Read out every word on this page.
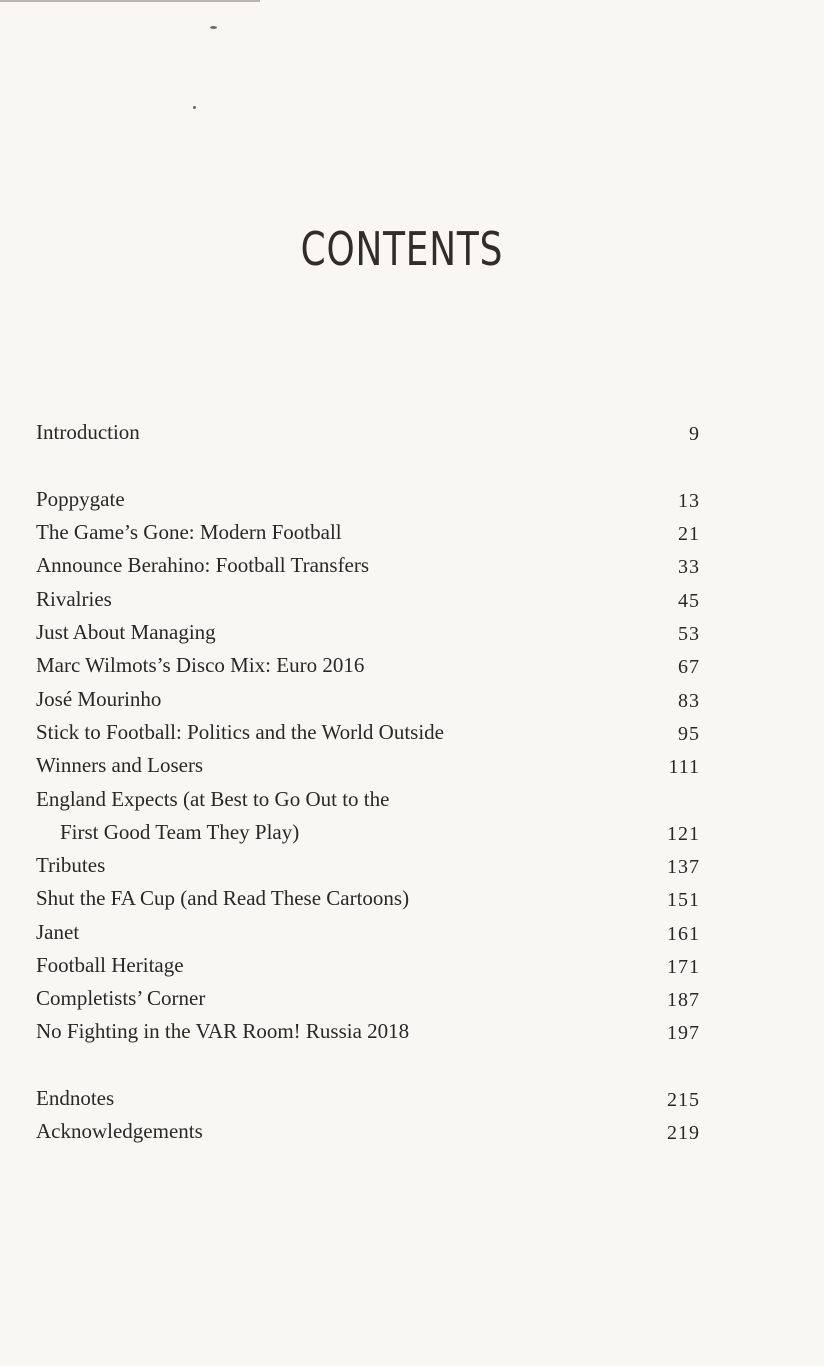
CONTENTS
Introduction	9
Poppygate	13
The Game’s Gone: Modern Football	21
Announce Berahino: Football Transfers	33
Rivalries	45
Just About Managing	53
Marc Wilmots’s Disco Mix: Euro 2016	67
José Mourinho	83
Stick to Football: Politics and the World Outside	95
Winners and Losers	111
England Expects (at Best to Go Out to the
First Good Team They Play)	121
Tributes	137
Shut the FA Cup (and Read These Cartoons)	151
Janet	161
Football Heritage	171
Completists’ Corner	187
No Fighting in the VAR Room! Russia 2018	197
Endnotes	215
Acknowledgements	219
